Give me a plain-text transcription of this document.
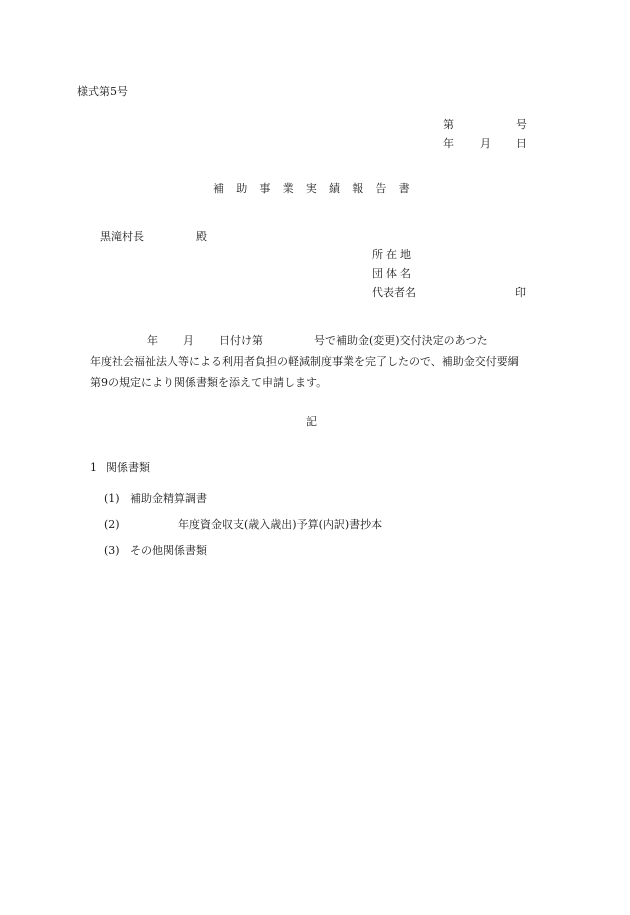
様式第5号
第	号
年 月 日
補助事業実績報告書
黒滝村長	殿
所在地
団体名
代表者名	印
年 月 日付け第	号で補助金(変更)交付決定のあつた
年度社会福祉法人等による利用者負担の軽減制度事業を完了したので、補助金交付要綱
第9の規定により関係書類を添えて申請します。
記
1 関係書類
(1) 補助金精算調書
(2)	年度資金収支(歳入歳出)予算(内訳)書抄本
(3) その他関係書類
